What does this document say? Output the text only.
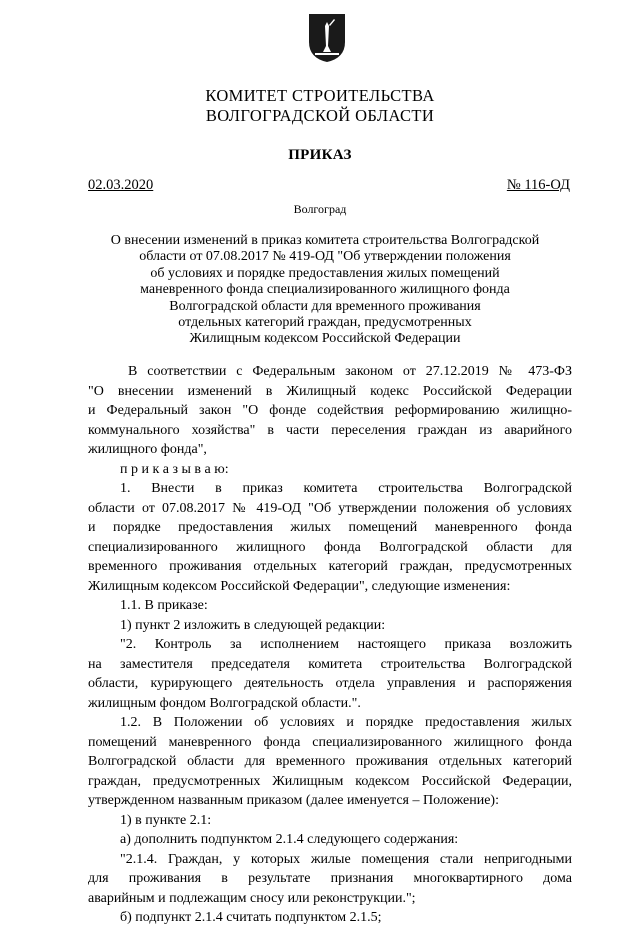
КОМИТЕТ СТРОИТЕЛЬСТВА
ВОЛГОГРАДСКОЙ ОБЛАСТИ
ПРИКАЗ
02.03.2020	№ 116-ОД
Волгоград
О внесении изменений в приказ комитета строительства Волгоградской
области от 07.08.2017 № 419-ОД "Об утверждении положения
об условиях и порядке предоставления жилых помещений
маневренного фонда специализированного жилищного фонда
Волгоградской области для временного проживания
отдельных категорий граждан, предусмотренных
Жилищным кодексом Российской Федерации
В соответствии с Федеральным законом от 27.12.2019 № 473-ФЗ
"О внесении изменений в Жилищный кодекс Российской Федерации
и Федеральный закон "О фонде содействия реформированию жилищно-
коммунального хозяйства" в части переселения граждан из аварийного
жилищного фонда",
п р и к а з ы в а ю:
1. Внести в приказ комитета строительства Волгоградской
области от 07.08.2017 № 419-ОД "Об утверждении положения об условиях
и порядке предоставления жилых помещений маневренного фонда
специализированного жилищного фонда Волгоградской области для
временного проживания отдельных категорий граждан, предусмотренных
Жилищным кодексом Российской Федерации", следующие изменения:
1.1. В приказе:
1) пункт 2 изложить в следующей редакции:
"2. Контроль за исполнением настоящего приказа возложить
на заместителя председателя комитета строительства Волгоградской
области, курирующего деятельность отдела управления и распоряжения
жилищным фондом Волгоградской области.".
1.2. В Положении об условиях и порядке предоставления жилых
помещений маневренного фонда специализированного жилищного фонда
Волгоградской области для временного проживания отдельных категорий
граждан, предусмотренных Жилищным кодексом Российской Федерации,
утвержденном названным приказом (далее именуется – Положение):
1) в пункте 2.1:
а) дополнить подпунктом 2.1.4 следующего содержания:
"2.1.4. Граждан, у которых жилые помещения стали непригодными
для проживания в результате признания многоквартирного дома
аварийным и подлежащим сносу или реконструкции.";
б) подпункт 2.1.4 считать подпунктом 2.1.5;
